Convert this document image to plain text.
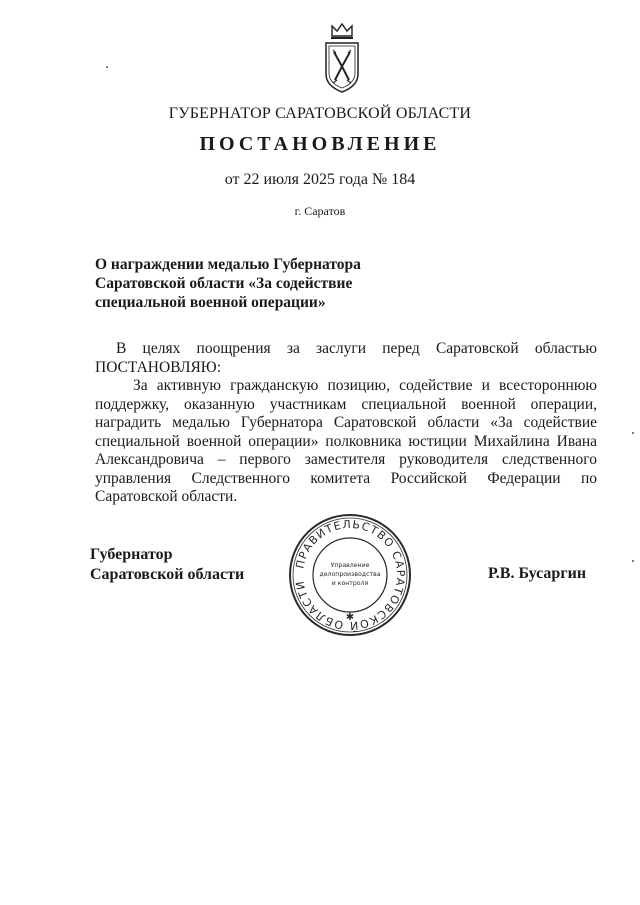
ГУБЕРНАТОР САРАТОВСКОЙ ОБЛАСТИ
ПОСТАНОВЛЕНИЕ
от 22 июля 2025 года № 184
г. Саратов
О награждении медалью Губернатора
Саратовской области «За содействие
специальной военной операции»

В целях поощрения за заслуги перед Саратовской областью

ПОСТАНОВЛЯЮ:

За активную гражданскую позицию, содействие и всестороннюю поддержку, оказанную участникам специальной военной операции, наградить медалью Губернатора Саратовской области «За содействие специальной военной операции» полковника юстиции Михайлина Ивана Александровича – первого заместителя руководителя следственного управления Следственного комитета Российской Федерации по Саратовской области.

Губернатор
Саратовской области
ПРАВИТЕЛЬСТВО САРАТОВСКОЙ ОБЛАСТИ
Управление
делопроизводства
и контроля
✱
Р.В. Бусаргин
